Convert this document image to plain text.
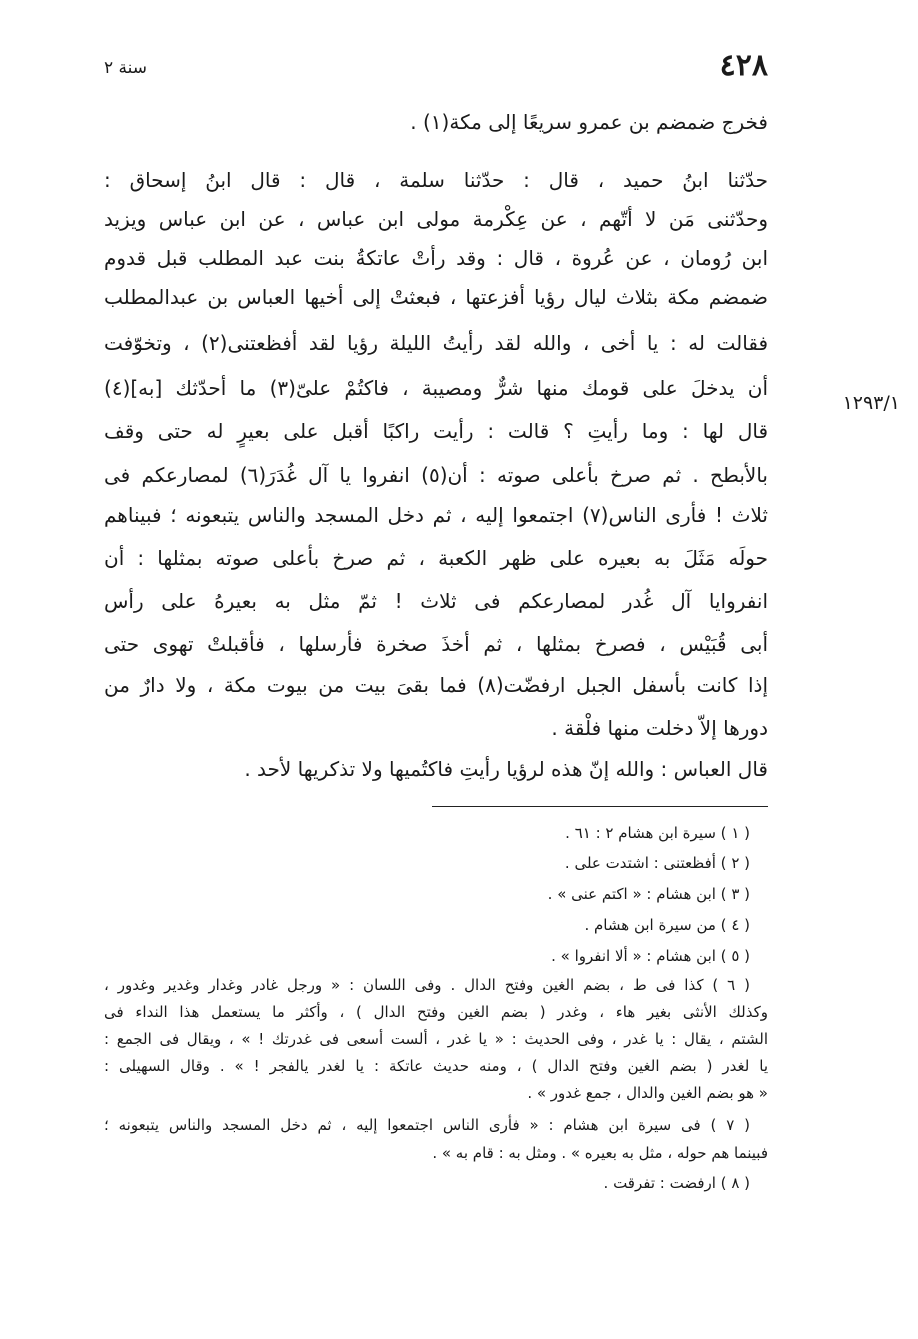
٤٢٨
سنة ٢
١٢٩٣/١
فخرج ضمضم بن عمرو سريعًا إلى مكة(١) .
حدّثنا ابنُ حميد ، قال : حدّثنا سلمة ، قال : قال ابنُ إسحاق :
وحدّثنى مَن لا أتّهم ، عن عِكْرمة مولى ابن عباس ، عن ابن عباس ويزيد
ابن رُومان ، عن عُروة ، قال : وقد رأتْ عاتكةُ بنت عبد المطلب قبل قدوم
ضمضم مكة بثلاث ليال رؤيا أفزعتها ، فبعثتْ إلى أخيها العباس بن عبدالمطلب
فقالت له : يا أخى ، والله لقد رأيتُ الليلة رؤيا لقد أفظعتنى(٢) ، وتخوّفت
أن يدخلَ على قومك منها شرٌّ ومصيبة ، فاكتُمْ علىّ(٣) ما أحدّثك [به](٤)
قال لها : وما رأيتِ ؟ قالت : رأيت راكبًا أقبل على بعيرٍ له حتى وقف
بالأبطح . ثم صرخ بأعلى صوته : أن(٥) انفروا يا آل غُدَرَ(٦) لمصارعكم فى
ثلاث ! فأرى الناس(٧) اجتمعوا إليه ، ثم دخل المسجد والناس يتبعونه ؛ فبيناهم
حولَه مَثَلَ به بعيره على ظهر الكعبة ، ثم صرخ بأعلى صوته بمثلها : أن
انفروايا آل غُدر لمصارعكم فى ثلاث ! ثمّ مثل به بعيرهُ على رأس
أبى قُبَيْس ، فصرخ بمثلها ، ثم أخذَ صخرة فأرسلها ، فأقبلتْ تهوى حتى
إذا كانت بأسفل الجبل ارفضّت(٨) فما بقىَ بيت من بيوت مكة ، ولا دارٌ من
دورها إلاّ دخلت منها فلْقة .
قال العباس : والله إنّ هذه لرؤيا رأيتِ فاكتُميها ولا تذكريها لأحد .
( ١ ) سيرة ابن هشام ٢ : ٦١ .
( ٢ ) أفظعتنى : اشتدت على .
( ٣ ) ابن هشام : « اكتم عنى » .
( ٤ ) من سيرة ابن هشام .
( ٥ ) ابن هشام : « ألا انفروا » .
( ٦ ) كذا فى ط ، بضم الغين وفتح الدال . وفى اللسان : « ورجل غادر وغدار وغدير وغدور ،
وكذلك الأنثى بغير هاء ، وغدر ( بضم الغين وفتح الدال ) ، وأكثر ما يستعمل هذا النداء فى
الشتم ، يقال : يا غدر ، وفى الحديث : « يا غدر ، ألست أسعى فى غدرتك ! » ، ويقال فى الجمع :
يا لغدر ( بضم الغين وفتح الدال ) ، ومنه حديث عاتكة : يا لغدر يالفجر ! » . وقال السهيلى :
« هو بضم الغين والدال ، جمع غدور » .
( ٧ ) فى سيرة ابن هشام : « فأرى الناس اجتمعوا إليه ، ثم دخل المسجد والناس يتبعونه ؛
فبينما هم حوله ، مثل به بعيره » . ومثل به : قام به » .
( ٨ ) ارفضت : تفرقت .
